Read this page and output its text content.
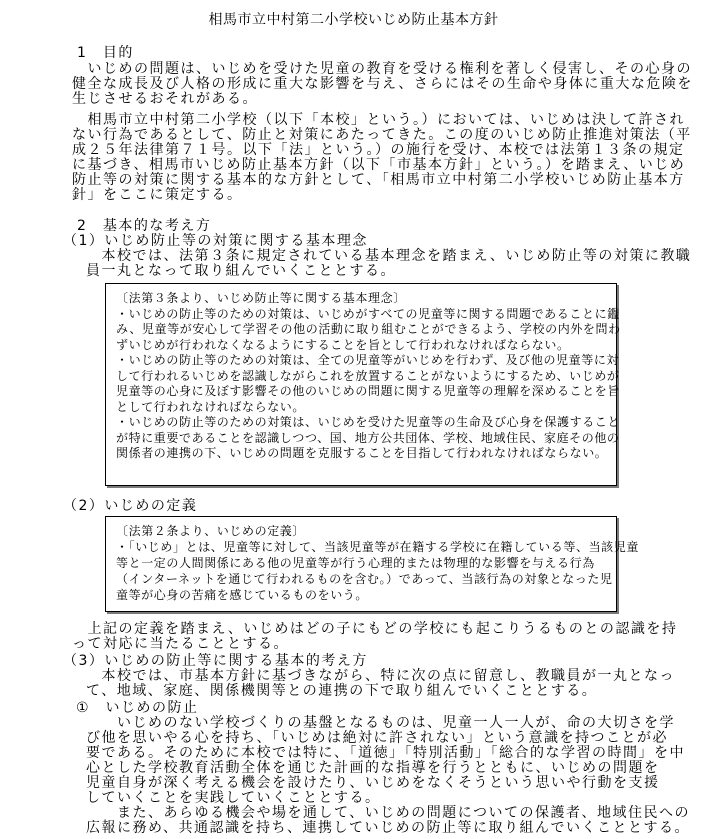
相馬市立中村第二小学校いじめ防止基本方針
1　目的
　いじめの問題は、いじめを受けた児童の教育を受ける権利を著しく侵害し、その心身の
健全な成長及び人格の形成に重大な影響を与え、さらにはその生命や身体に重大な危険を
生じさせるおそれがある。
　相馬市立中村第二小学校（以下「本校」という。）においては、いじめは決して許され
ない行為であるとして、防止と対策にあたってきた。この度のいじめ防止推進対策法（平
成２５年法律第７１号。以下「法」という。）の施行を受け、本校では法第１３条の規定
に基づき、相馬市いじめ防止基本方針（以下「市基本方針」という。）を踏まえ、いじめ
防止等の対策に関する基本的な方針として、「相馬市立中村第二小学校いじめ防止基本方
針」をここに策定する。
2　基本的な考え方
（1）いじめ防止等の対策に関する基本理念
　本校では、法第３条に規定されている基本理念を踏まえ、いじめ防止等の対策に教職
員一丸となって取り組んでいくこととする。
〔法第３条より、いじめ防止等に関する基本理念〕
・いじめの防止等のための対策は、いじめがすべての児童等に関する問題であることに鑑
み、児童等が安心して学習その他の活動に取り組むことができるよう、学校の内外を問わ
ずいじめが行われなくなるようにすることを旨として行われなければならない。
・いじめの防止等のための対策は、全ての児童等がいじめを行わず、及び他の児童等に対
して行われるいじめを認識しながらこれを放置することがないようにするため、いじめが
児童等の心身に及ぼす影響その他のいじめの問題に関する児童等の理解を深めることを旨
として行われなければならない。
・いじめの防止等のための対策は、いじめを受けた児童等の生命及び心身を保護すること
が特に重要であることを認識しつつ、国、地方公共団体、学校、地域住民、家庭その他の
関係者の連携の下、いじめの問題を克服することを目指して行われなければならない。
（2）いじめの定義
〔法第２条より、いじめの定義〕
・「いじめ」とは、児童等に対して、当該児童等が在籍する学校に在籍している等、当該児童
等と一定の人間関係にある他の児童等が行う心理的または物理的な影響を与える行為
（インターネットを通じて行われるものを含む。）であって、当該行為の対象となった児
童等が心身の苦痛を感じているものをいう。
　上記の定義を踏まえ、いじめはどの子にもどの学校にも起こりうるものとの認識を持
って対応に当たることとする。
（3）いじめの防止等に関する基本的考え方
　本校では、市基本方針に基づきながら、特に次の点に留意し、教職員が一丸となっ
て、地域、家庭、関係機関等との連携の下で取り組んでいくこととする。
①　いじめの防止
　　いじめのない学校づくりの基盤となるものは、児童一人一人が、命の大切さを学
び他を思いやる心を持ち、「いじめは絶対に許されない」という意識を持つことが必
要である。そのために本校では特に、「道徳」「特別活動」「総合的な学習の時間」を中
心とした学校教育活動全体を通じた計画的な指導を行うとともに、いじめの問題を
児童自身が深く考える機会を設けたり、いじめをなくそうという思いや行動を支援
していくことを実践していくこととする。
　　また、あらゆる機会や場を通して、いじめの問題についての保護者、地域住民への
広報に務め、共通認識を持ち、連携していじめの防止等に取り組んでいくこととする。
